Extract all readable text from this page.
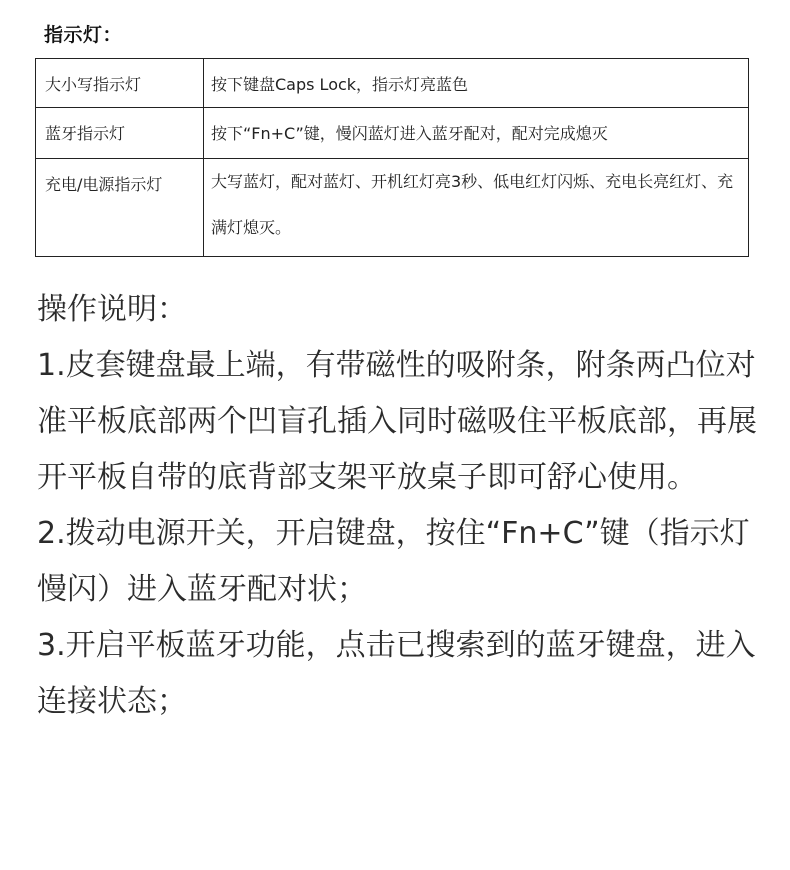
指示灯：
大小写指示灯	按下键盘Caps Lock，指示灯亮蓝色
蓝牙指示灯	按下“Fn+C”键，慢闪蓝灯进入蓝牙配对，配对完成熄灭
充电/电源指示灯	大写蓝灯，配对蓝灯、开机红灯亮3秒、低电红灯闪烁、充电长亮红灯、充满灯熄灭。

操作说明：

1.皮套键盘最上端，有带磁性的吸附条，附条两凸位对准平板底部两个凹盲孔插入同时磁吸住平板底部，再展开平板自带的底背部支架平放桌子即可舒心使用。

2.拨动电源开关，开启键盘，按住“Fn+C”键（指示灯慢闪）进入蓝牙配对状；

3.开启平板蓝牙功能，点击已搜索到的蓝牙键盘，进入连接状态；
